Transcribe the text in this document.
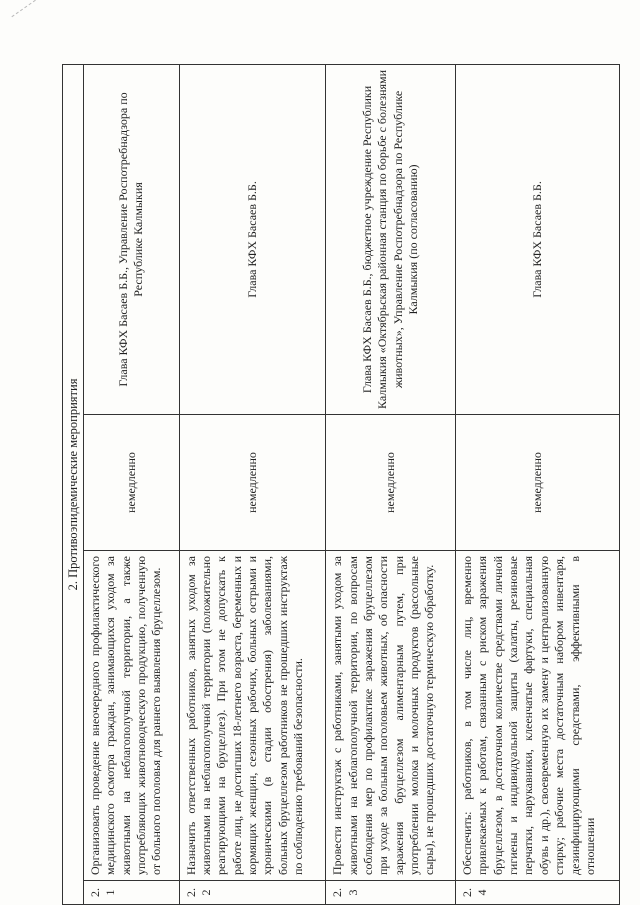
2. Противоэпидемические мероприятия			
2.1	Организовать проведение внеочередного профилактического медицинского осмотра граждан, занимающихся уходом за животными на неблагополучной территории, а также употребляющих животноводческую продукцию, полученную от больного поголовья для раннего выявления бруцеллезом.	немедленно	Глава КФХ Басаев Б.Б., Управление Роспотребнадзора по Республике Калмыкия
2.2	Назначить ответственных работников, занятых уходом за животными на неблагополучной территории (положительно реагирующими на бруцеллез). При этом не допускать к работе лиц, не достигших 18-летнего возраста, беременных и кормящих женщин, сезонных рабочих, больных острыми и хроническими (в стадии обострения) заболеваниями, больных бруцеллезом работников не прошедших инструктаж по соблюдению требований безопасности.	немедленно	Глава КФХ Басаев Б.Б.
2.3	Провести инструктаж с работниками, занятыми уходом за животными на неблагополучной территории, по вопросам соблюдения мер по профилактике заражения бруцеллезом при уходе за больным поголовьем животных, об опасности заражения бруцеллезом алиментарным путем, при употреблении молока и молочных продуктов (расcольные сыры), не прошедших достаточную термическую обработку.	немедленно	Глава КФХ Басаев Б.Б., бюджетное учреждение Республики Калмыкия «Октябрьская районная станция по борьбе с болезнями животных», Управление Роспотребнадзора по Республике Калмыкия (по согласованию)
2.4	Обеспечить: работников, в том числе лиц, временно привлекаемых к работам, связанным с риском заражения бруцеллезом, в достаточном количестве средствами личной гигиены и индивидуальной защиты (халаты, резиновые перчатки, нарукавники, клеенчатые фартуки, специальная обувь и др.), своевременную их замену и централизованную стирку; рабочие места достаточным набором инвентаря, дезинфицирующими средствами, эффективными в отношении	немедленно	Глава КФХ Басаев Б.Б.
